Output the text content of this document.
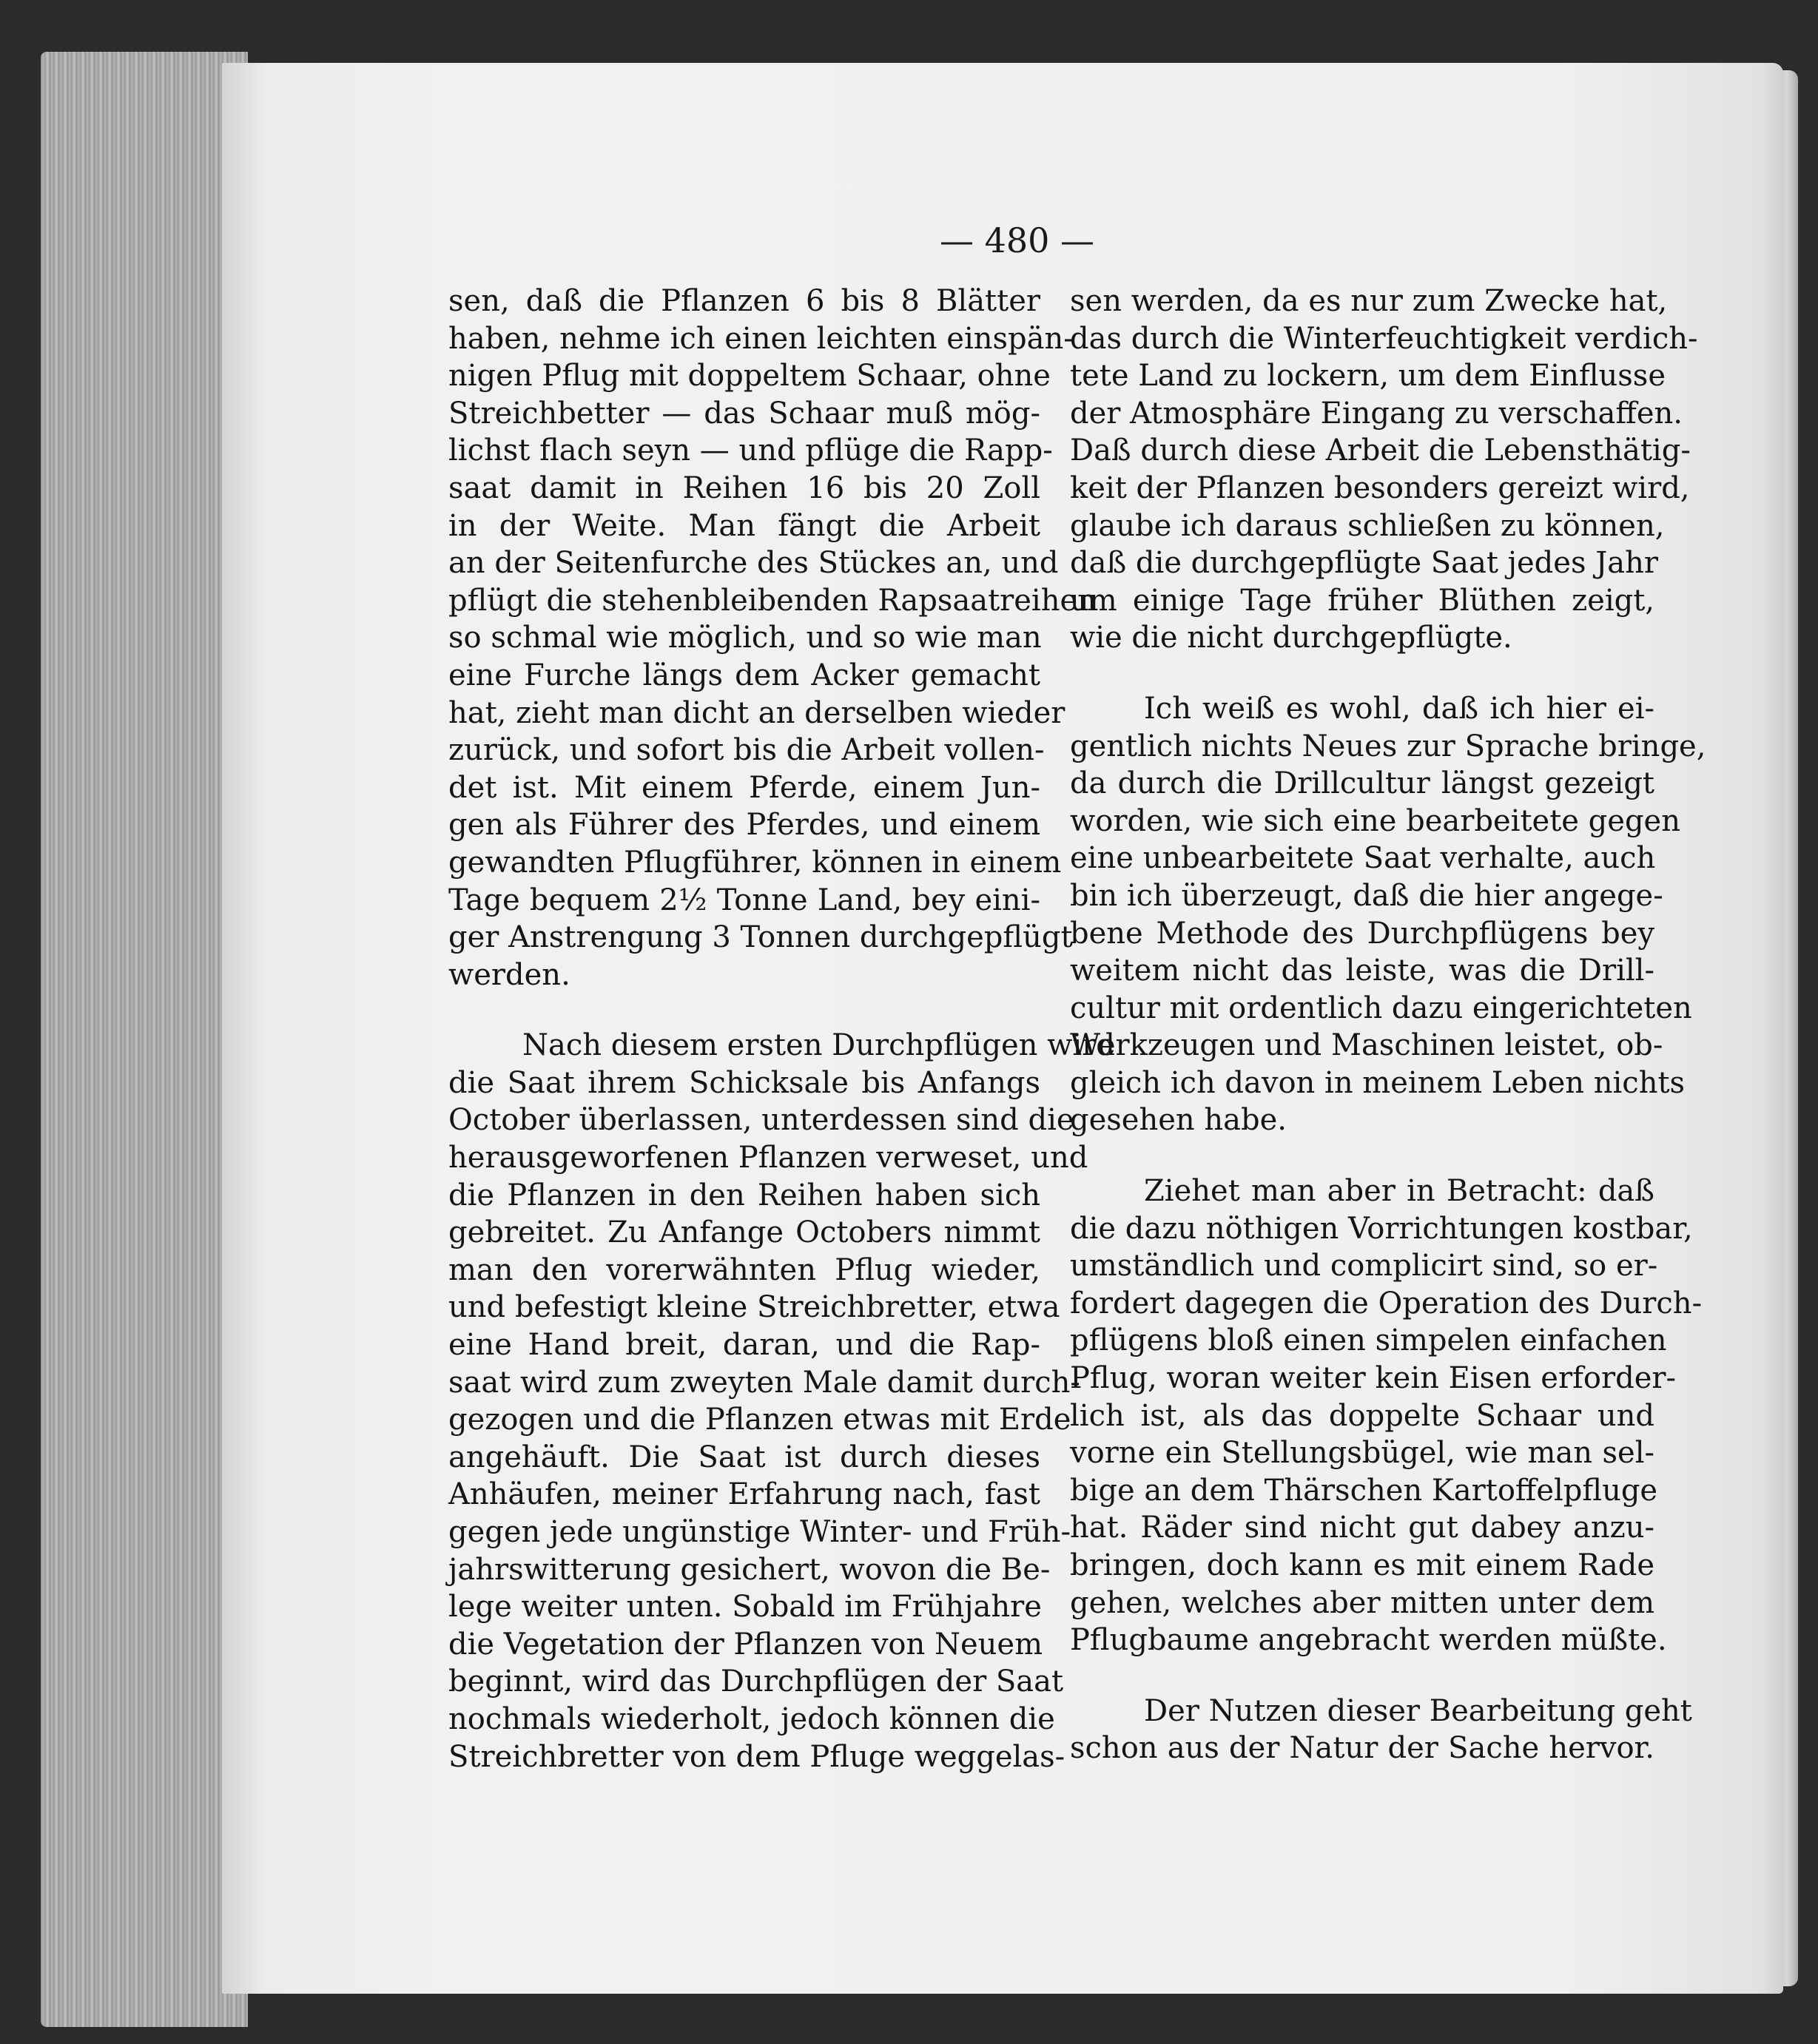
— 480 —
sen, daß die Pflanzen 6 bis 8 Blätter
haben, nehme ich einen leichten einspän-
nigen Pflug mit doppeltem Schaar, ohne
Streichbetter — das Schaar muß mög-
lichst flach seyn — und pflüge die Rapp-
saat damit in Reihen 16 bis 20 Zoll
in der Weite. Man fängt die Arbeit
an der Seitenfurche des Stückes an, und
pflügt die stehenbleibenden Rapsaatreihen
so schmal wie möglich, und so wie man
eine Furche längs dem Acker gemacht
hat, zieht man dicht an derselben wieder
zurück, und sofort bis die Arbeit vollen-
det ist. Mit einem Pferde, einem Jun-
gen als Führer des Pferdes, und einem
gewandten Pflugführer, können in einem
Tage bequem 2½ Tonne Land, bey eini-
ger Anstrengung 3 Tonnen durchgepflügt
werden.
Nach diesem ersten Durchpflügen wird
die Saat ihrem Schicksale bis Anfangs
October überlassen, unterdessen sind die
herausgeworfenen Pflanzen verweset, und
die Pflanzen in den Reihen haben sich
gebreitet. Zu Anfange Octobers nimmt
man den vorerwähnten Pflug wieder,
und befestigt kleine Streichbretter, etwa
eine Hand breit, daran, und die Rap-
saat wird zum zweyten Male damit durch-
gezogen und die Pflanzen etwas mit Erde
angehäuft. Die Saat ist durch dieses
Anhäufen, meiner Erfahrung nach, fast
gegen jede ungünstige Winter- und Früh-
jahrswitterung gesichert, wovon die Be-
lege weiter unten. Sobald im Frühjahre
die Vegetation der Pflanzen von Neuem
beginnt, wird das Durchpflügen der Saat
nochmals wiederholt, jedoch können die
Streichbretter von dem Pfluge weggelas-
sen werden, da es nur zum Zwecke hat,
das durch die Winterfeuchtigkeit verdich-
tete Land zu lockern, um dem Einflusse
der Atmosphäre Eingang zu verschaffen.
Daß durch diese Arbeit die Lebensthätig-
keit der Pflanzen besonders gereizt wird,
glaube ich daraus schließen zu können,
daß die durchgepflügte Saat jedes Jahr
um einige Tage früher Blüthen zeigt,
wie die nicht durchgepflügte.
Ich weiß es wohl, daß ich hier ei-
gentlich nichts Neues zur Sprache bringe,
da durch die Drillcultur längst gezeigt
worden, wie sich eine bearbeitete gegen
eine unbearbeitete Saat verhalte, auch
bin ich überzeugt, daß die hier angege-
bene Methode des Durchpflügens bey
weitem nicht das leiste, was die Drill-
cultur mit ordentlich dazu eingerichteten
Werkzeugen und Maschinen leistet, ob-
gleich ich davon in meinem Leben nichts
gesehen habe.
Ziehet man aber in Betracht: daß
die dazu nöthigen Vorrichtungen kostbar,
umständlich und complicirt sind, so er-
fordert dagegen die Operation des Durch-
pflügens bloß einen simpelen einfachen
Pflug, woran weiter kein Eisen erforder-
lich ist, als das doppelte Schaar und
vorne ein Stellungsbügel, wie man sel-
bige an dem Thärschen Kartoffelpfluge
hat. Räder sind nicht gut dabey anzu-
bringen, doch kann es mit einem Rade
gehen, welches aber mitten unter dem
Pflugbaume angebracht werden müßte.
Der Nutzen dieser Bearbeitung geht
schon aus der Natur der Sache hervor.
